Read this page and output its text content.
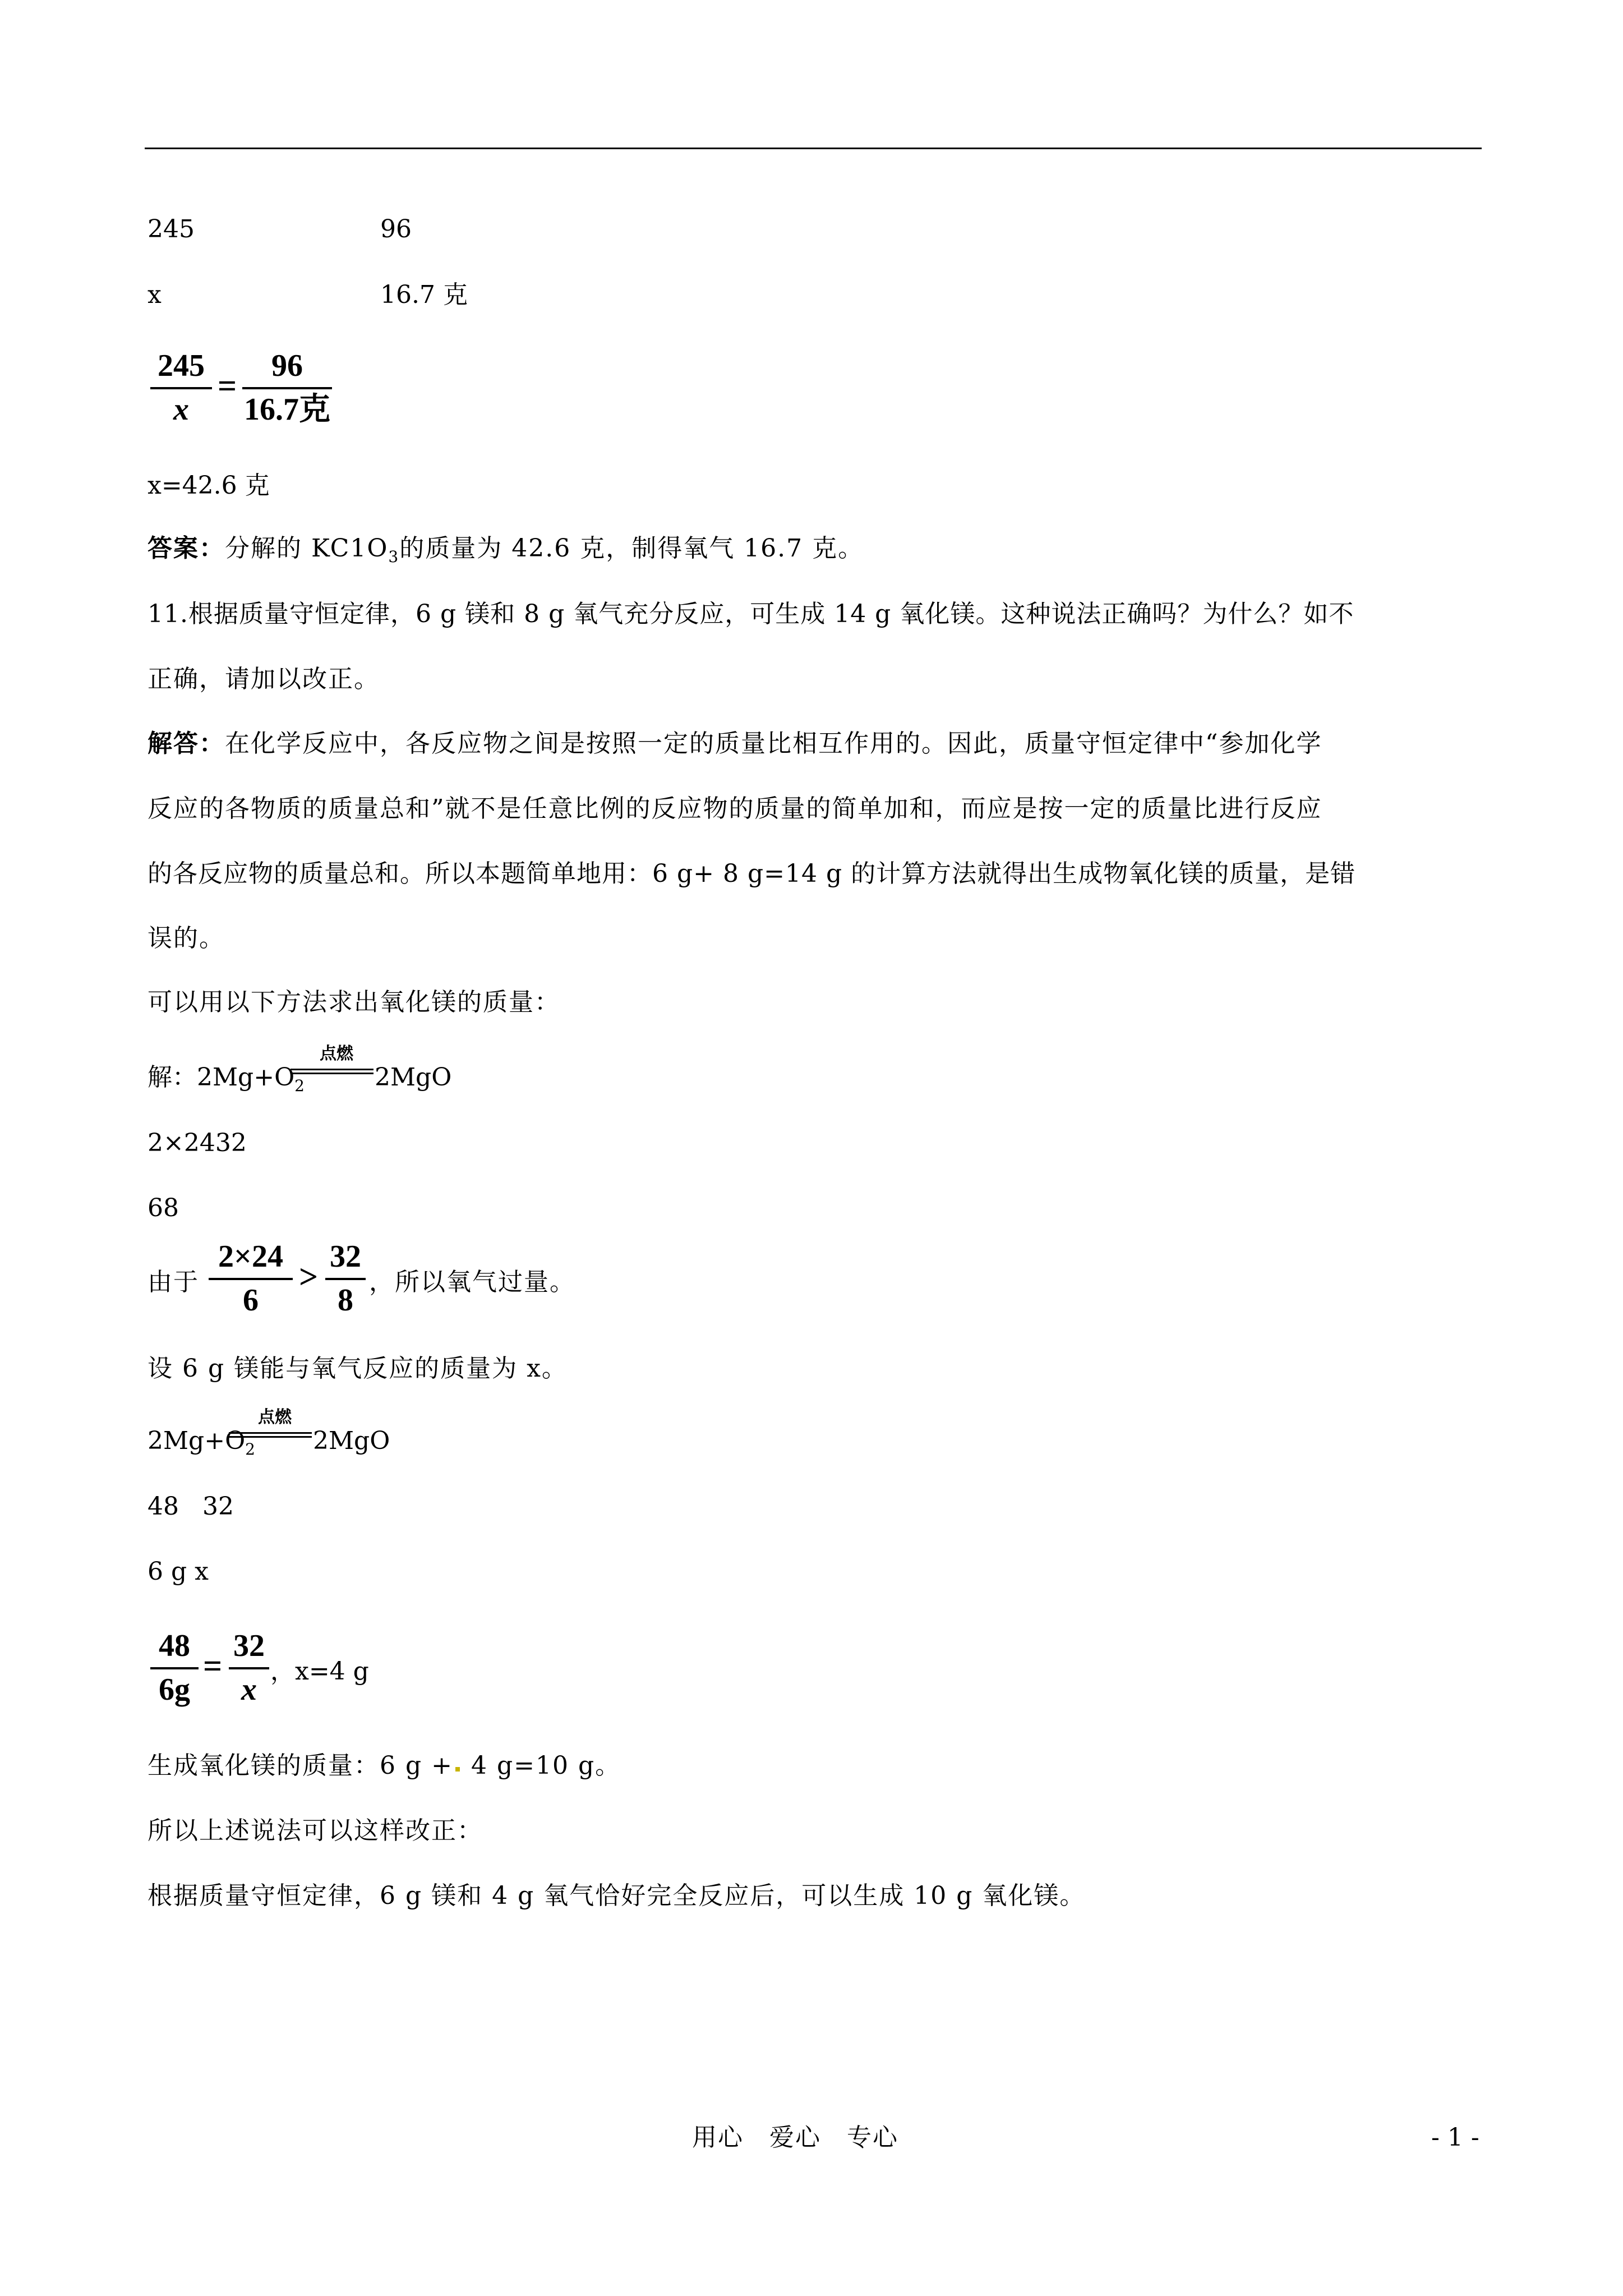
245	96
x	16.7 克
245
x
=
96
16.7克
x=42.6 克
答案：分解的 $KC1O_3$的质量为 42.6 克，制得氧气 16.7 克。
11.根据质量守恒定律，6 g 镁和 8 g 氧气充分反应，可生成 14 g 氧化镁。这种说法正确吗？为什么？如不
正确，请加以改正。
解答：在化学反应中，各反应物之间是按照一定的质量比相互作用的。因此，质量守恒定律中“参加化学
反应的各物质的质量总和”就不是任意比例的反应物的质量的简单加和，而应是按一定的质量比进行反应
的各反应物的质量总和。所以本题简单地用：6 g+ 8 g=14 g 的计算方法就得出生成物氧化镁的质量，是错
误的。
可以用以下方法求出氧化镁的质量：
解：$2Mg+O_2$
点燃
2MgO
2×2432
68
由于
2×24
6
>
32
8
，所以氧气过量。
设 6 g 镁能与氧气反应的质量为 x。
$2Mg+O_2$
点燃
2MgO
48   32
6 g x
48
6g
=
32
x
，x=4 g
生成氧化镁的质量：6 g + 4 g=10 g。
所以上述说法可以这样改正：
根据质量守恒定律，6 g 镁和 4 g 氧气恰好完全反应后，可以生成 10 g 氧化镁。
用心　爱心　专心	- 1 -
